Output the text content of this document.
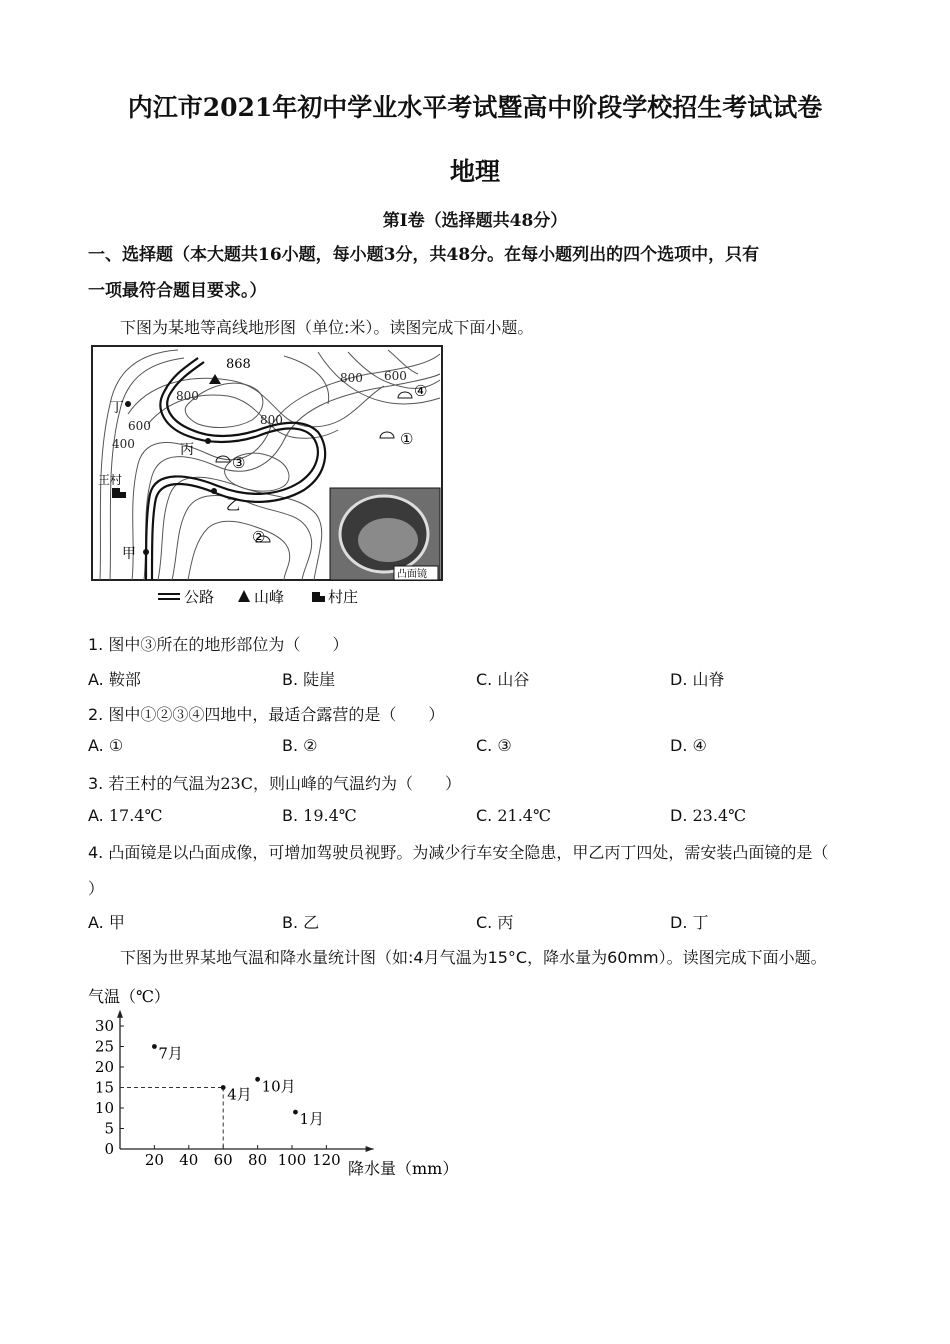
内江市2021年初中学业水平考试暨高中阶段学校招生考试试卷
地理
第Ⅰ卷（选择题共48分）
一、选择题（本大题共16小题，每小题3分，共48分。在每小题列出的四个选项中，只有
一项最符合题目要求。）
下图为某地等高线地形图（单位:米）。读图完成下面小题。
868
800
800
800 600
600
400
丁
丙
乙
甲
王村
①
②
③
④
凸面镜
公路	山峰	村庄
1. 图中③所在的地形部位为（　　）
A. 鞍部	B. 陡崖	C. 山谷	D. 山脊
2. 图中①②③④四地中，最适合露营的是（　　）
A. ①	B. ②	C. ③	D. ④
3. 若王村的气温为23C，则山峰的气温约为（　　）
A. 17.4℃	B. 19.4℃	C. 21.4℃	D. 23.4℃
4. 凸面镜是以凸面成像，可增加驾驶员视野。为减少行车安全隐患，甲乙丙丁四处，需安装凸面镜的是（
）
A. 甲	B. 乙	C. 丙	D. 丁
下图为世界某地气温和降水量统计图（如:4月气温为15°C，降水量为60mm）。读图完成下面小题。
20 40 60 80 100 120
0
5
10
15
20
25
30
7月
4月 10月
1月
气温（℃）
降水量（mm）
